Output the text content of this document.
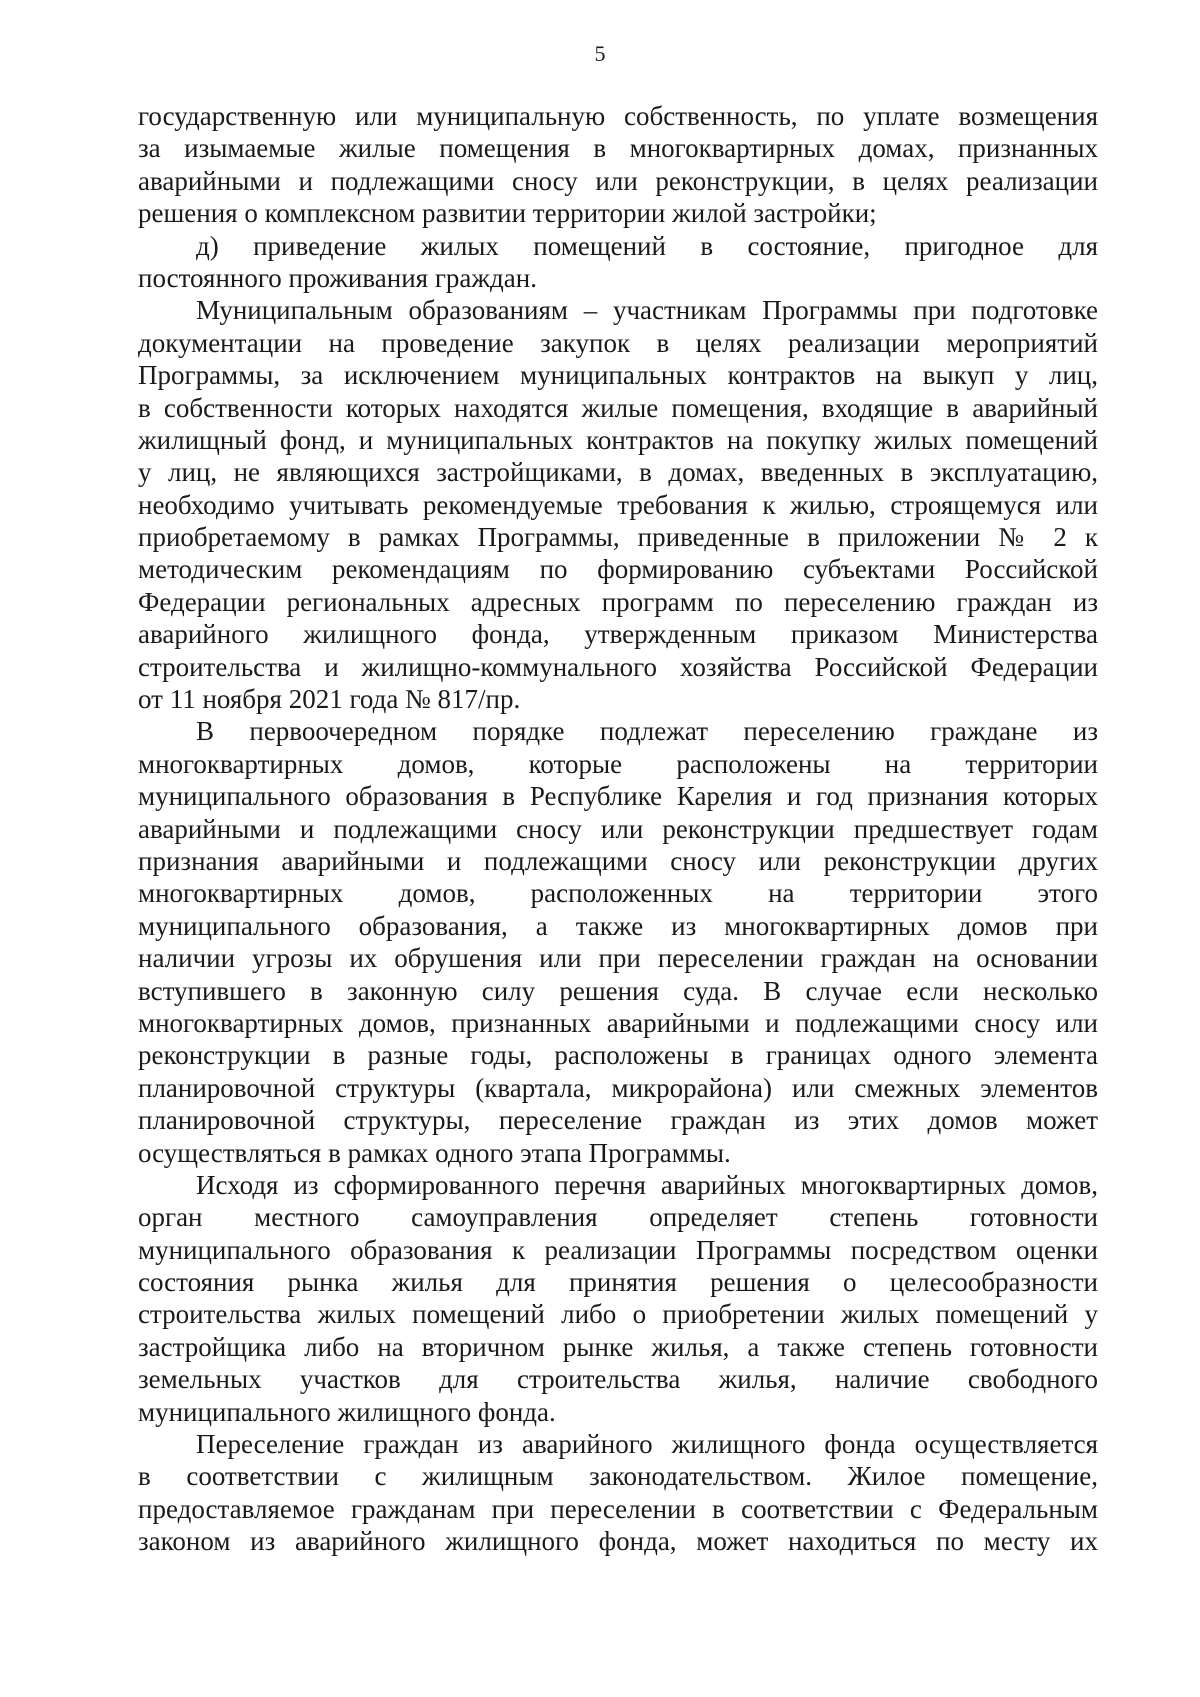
5
государственную или муниципальную собственность, по уплате возмещения
за изымаемые жилые помещения в многоквартирных домах, признанных
аварийными и подлежащими сносу или реконструкции, в целях реализации
решения о комплексном развитии территории жилой застройки;
д) приведение жилых помещений в состояние, пригодное для
постоянного проживания граждан.
Муниципальным образованиям – участникам Программы при подготовке
документации на проведение закупок в целях реализации мероприятий
Программы, за исключением муниципальных контрактов на выкуп у лиц,
в собственности которых находятся жилые помещения, входящие в аварийный
жилищный фонд, и муниципальных контрактов на покупку жилых помещений
у лиц, не являющихся застройщиками, в домах, введенных в эксплуатацию,
необходимо учитывать рекомендуемые требования к жилью, строящемуся или
приобретаемому в рамках Программы, приведенные в приложении № 2 к
методическим рекомендациям по формированию субъектами Российской
Федерации региональных адресных программ по переселению граждан из
аварийного жилищного фонда, утвержденным приказом Министерства
строительства и жилищно-коммунального хозяйства Российской Федерации
от 11 ноября 2021 года № 817/пр.
В первоочередном порядке подлежат переселению граждане из
многоквартирных домов, которые расположены на территории
муниципального образования в Республике Карелия и год признания которых
аварийными и подлежащими сносу или реконструкции предшествует годам
признания аварийными и подлежащими сносу или реконструкции других
многоквартирных домов, расположенных на территории этого
муниципального образования, а также из многоквартирных домов при
наличии угрозы их обрушения или при переселении граждан на основании
вступившего в законную силу решения суда. В случае если несколько
многоквартирных домов, признанных аварийными и подлежащими сносу или
реконструкции в разные годы, расположены в границах одного элемента
планировочной структуры (квартала, микрорайона) или смежных элементов
планировочной структуры, переселение граждан из этих домов может
осуществляться в рамках одного этапа Программы.
Исходя из сформированного перечня аварийных многоквартирных домов,
орган местного самоуправления определяет степень готовности
муниципального образования к реализации Программы посредством оценки
состояния рынка жилья для принятия решения о целесообразности
строительства жилых помещений либо о приобретении жилых помещений у
застройщика либо на вторичном рынке жилья, а также степень готовности
земельных участков для строительства жилья, наличие свободного
муниципального жилищного фонда.
Переселение граждан из аварийного жилищного фонда осуществляется
в соответствии с жилищным законодательством. Жилое помещение,
предоставляемое гражданам при переселении в соответствии с Федеральным
законом из аварийного жилищного фонда, может находиться по месту их
